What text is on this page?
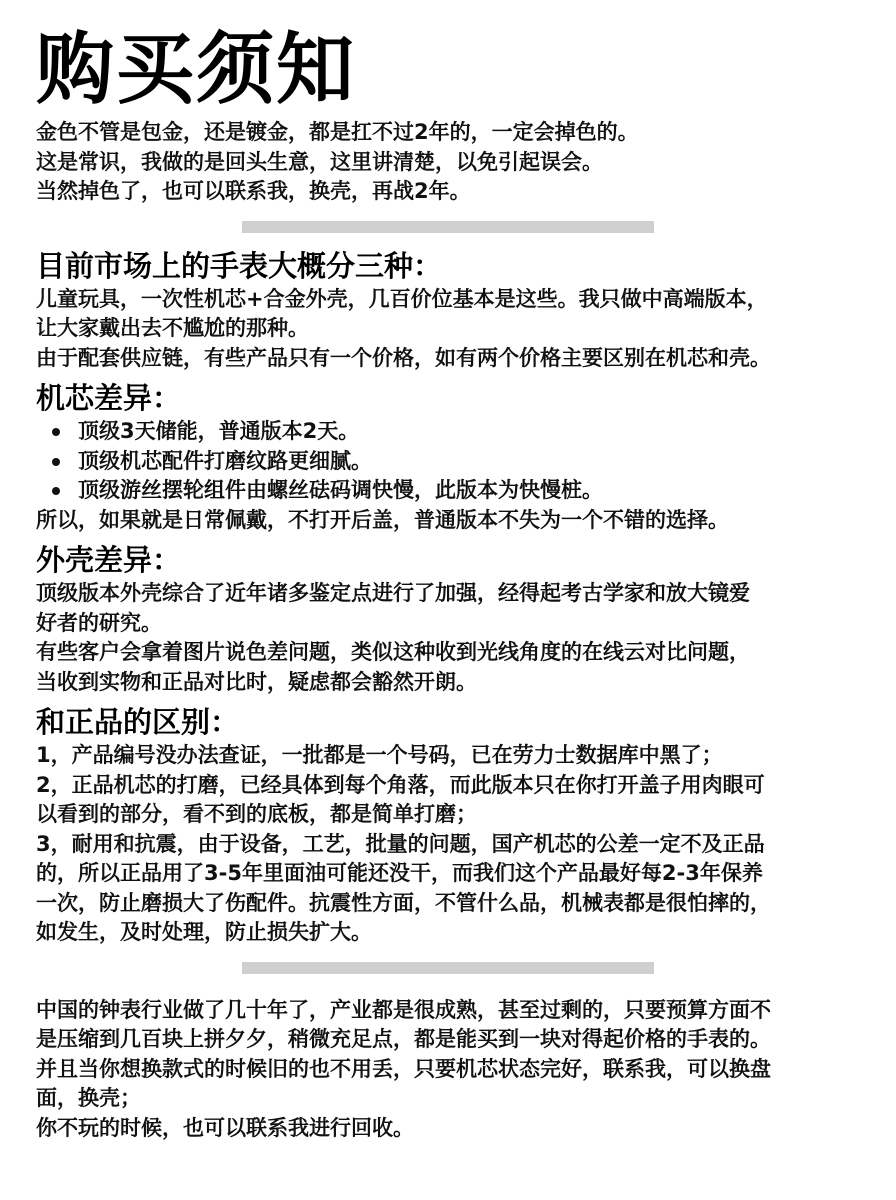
购买须知

金色不管是包金，还是镀金，都是扛不过2年的，一定会掉色的。

这是常识，我做的是回头生意，这里讲清楚，以免引起误会。

当然掉色了，也可以联系我，换壳，再战2年。

目前市场上的手表大概分三种：

儿童玩具，一次性机芯+合金外壳，几百价位基本是这些。我只做中高端版本，

让大家戴出去不尴尬的那种。

由于配套供应链，有些产品只有一个价格，如有两个价格主要区别在机芯和壳。

机芯差异：
顶级3天储能，普通版本2天。
顶级机芯配件打磨纹路更细腻。
顶级游丝摆轮组件由螺丝砝码调快慢，此版本为快慢桩。

所以，如果就是日常佩戴，不打开后盖，普通版本不失为一个不错的选择。

外壳差异：

顶级版本外壳综合了近年诸多鉴定点进行了加强，经得起考古学家和放大镜爱

好者的研究。

有些客户会拿着图片说色差问题，类似这种收到光线角度的在线云对比问题，

当收到实物和正品对比时，疑虑都会豁然开朗。

和正品的区别：

1，产品编号没办法查证，一批都是一个号码，已在劳力士数据库中黑了；

2，正品机芯的打磨，已经具体到每个角落，而此版本只在你打开盖子用肉眼可

以看到的部分，看不到的底板，都是简单打磨；

3，耐用和抗震，由于设备，工艺，批量的问题，国产机芯的公差一定不及正品

的，所以正品用了3-5年里面油可能还没干，而我们这个产品最好每2-3年保养

一次，防止磨损大了伤配件。抗震性方面，不管什么品，机械表都是很怕摔的，

如发生，及时处理，防止损失扩大。

中国的钟表行业做了几十年了，产业都是很成熟，甚至过剩的，只要预算方面不

是压缩到几百块上拼夕夕，稍微充足点，都是能买到一块对得起价格的手表的。

并且当你想换款式的时候旧的也不用丢，只要机芯状态完好，联系我，可以换盘

面，换壳；

你不玩的时候，也可以联系我进行回收。
